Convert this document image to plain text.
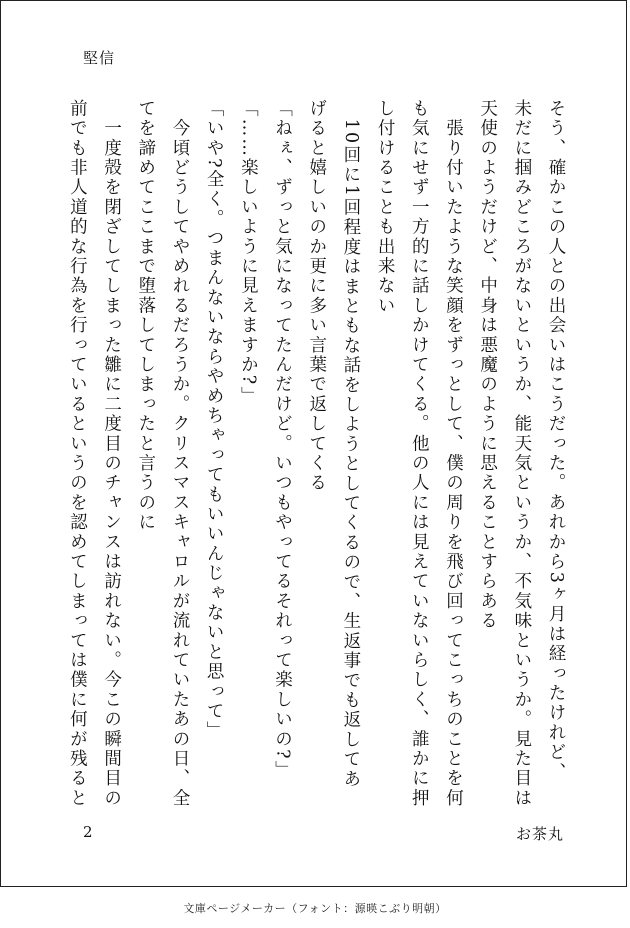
堅信
そう、確かこの人との出会いはこうだった。あれから3ヶ月は経ったけれど、
未だに掴みどころがないというか、能天気というか、不気味というか。見た目は
天使のようだけど、中身は悪魔のように思えることすらある
　張り付いたような笑顔をずっとして、僕の周りを飛び回ってこっちのことを何
も気にせず一方的に話しかけてくる。他の人には見えていないらしく、誰かに押
し付けることも出来ない
　10回に1回程度はまともな話をしようとしてくるので、生返事でも返してあ
げると嬉しいのか更に多い言葉で返してくる
「ねぇ、ずっと気になってたんだけど。いつもやってるそれって楽しいの?」
「……楽しいように見えますか?」
「いや?全く。つまんないならやめちゃってもいいんじゃないと思って」
　今頃どうしてやめれるだろうか。クリスマスキャロルが流れていたあの日、全
てを諦めてここまで堕落してしまったと言うのに
　一度殻を閉ざしてしまった雛に二度目のチャンスは訪れない。今この瞬間目の
前でも非人道的な行為を行っているというのを認めてしまっては僕に何が残ると
2	お茶丸
文庫ページメーカー（フォント：源暎こぶり明朝）
